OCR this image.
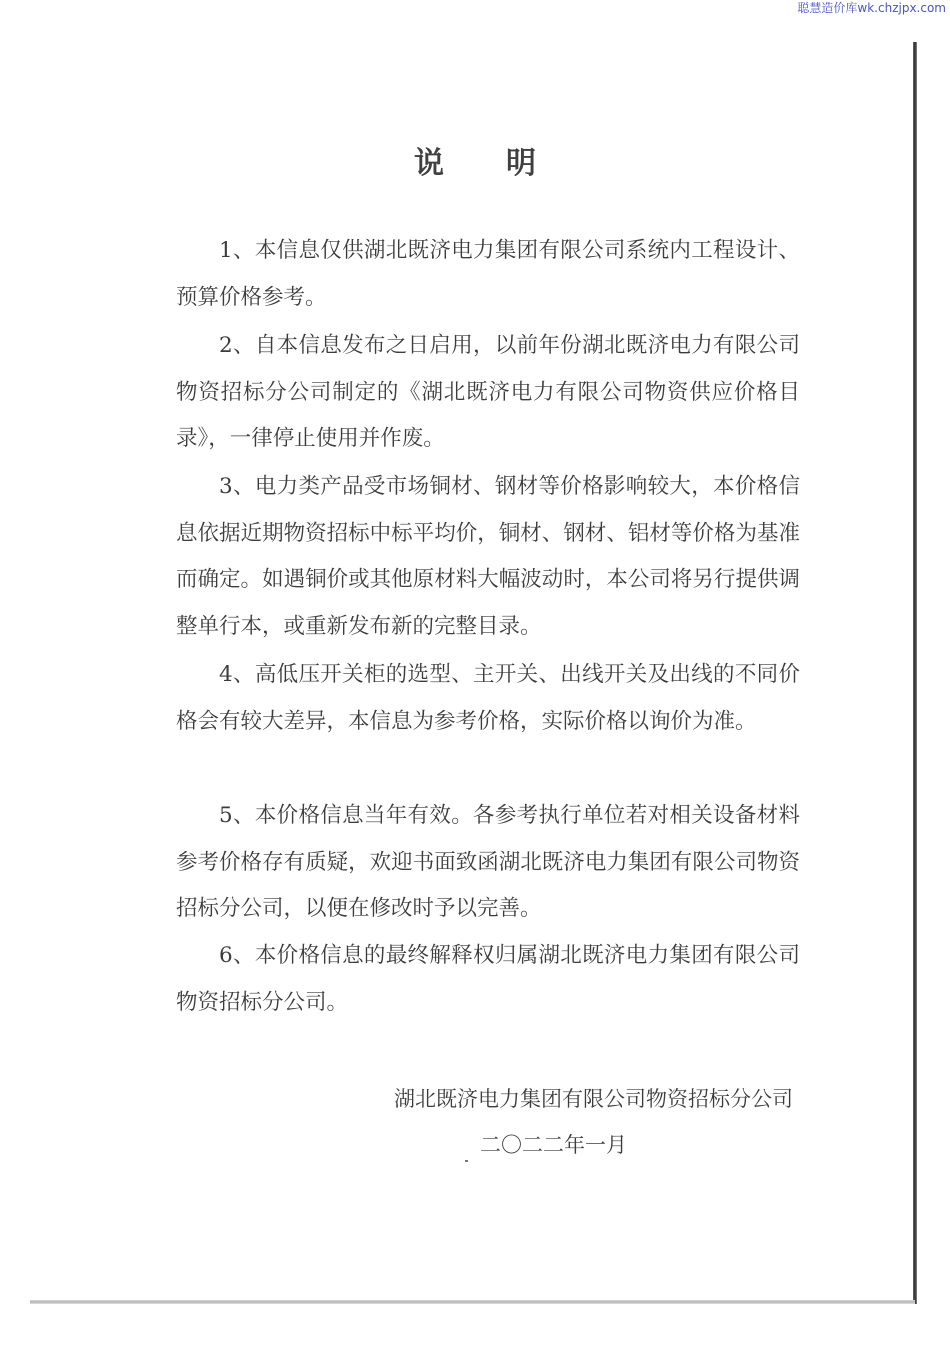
聪慧造价库wk.chzjpx.com
说 明

1、本信息仅供湖北既济电力集团有限公司系统内工程设计、预算价格参考。

2、自本信息发布之日启用，以前年份湖北既济电力有限公司物资招标分公司制定的《湖北既济电力有限公司物资供应价格目录》，一律停止使用并作废。

3、电力类产品受市场铜材、钢材等价格影响较大，本价格信息依据近期物资招标中标平均价，铜材、钢材、铝材等价格为基准而确定。如遇铜价或其他原材料大幅波动时，本公司将另行提供调整单行本，或重新发布新的完整目录。

4、高低压开关柜的选型、主开关、出线开关及出线的不同价格会有较大差异，本信息为参考价格，实际价格以询价为准。

5、本价格信息当年有效。各参考执行单位若对相关设备材料参考价格存有质疑，欢迎书面致函湖北既济电力集团有限公司物资招标分公司，以便在修改时予以完善。

6、本价格信息的最终解释权归属湖北既济电力集团有限公司物资招标分公司。

湖北既济电力集团有限公司物资招标分公司
二〇二二年一月
